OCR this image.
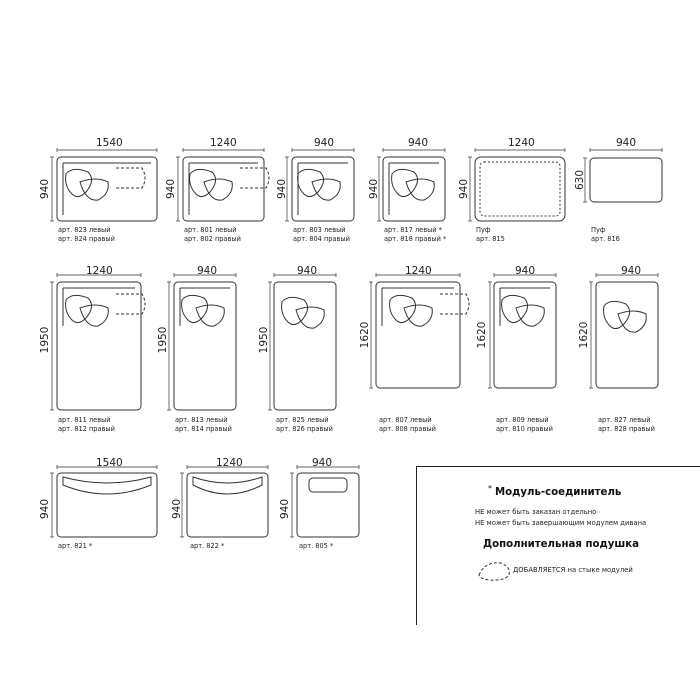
1540
940
арт. 823 левый
арт. 824 правый
1240
940
арт. 801 левый
арт. 802 правый
940
940
арт. 803 левый
арт. 804 правый
940
940
арт. 817 левый *
арт. 818 правый *
1240
940
Пуф
арт. 815
940
630
Пуф
арт. 816
1240
1950
арт. 811 левый
арт. 812 правый
940
1950
арт. 813 левый
арт. 814 правый
940
1950
арт. 825 левый
арт. 826 правый
1240
1620
арт. 807 левый
арт. 808 правый
940
1620
арт. 809 левый
арт. 810 правый
940
1620
арт. 827 левый
арт. 828 правый
1540
940
арт. 821 *
1240
940
арт. 822 *
940
940
арт. 805 *
* Модуль-соединитель
НЕ может быть заказан отдельно
НЕ может быть завершающим модулем дивана
Дополнительная подушка
ДОБАВЛЯЕТСЯ на стыке модулей
